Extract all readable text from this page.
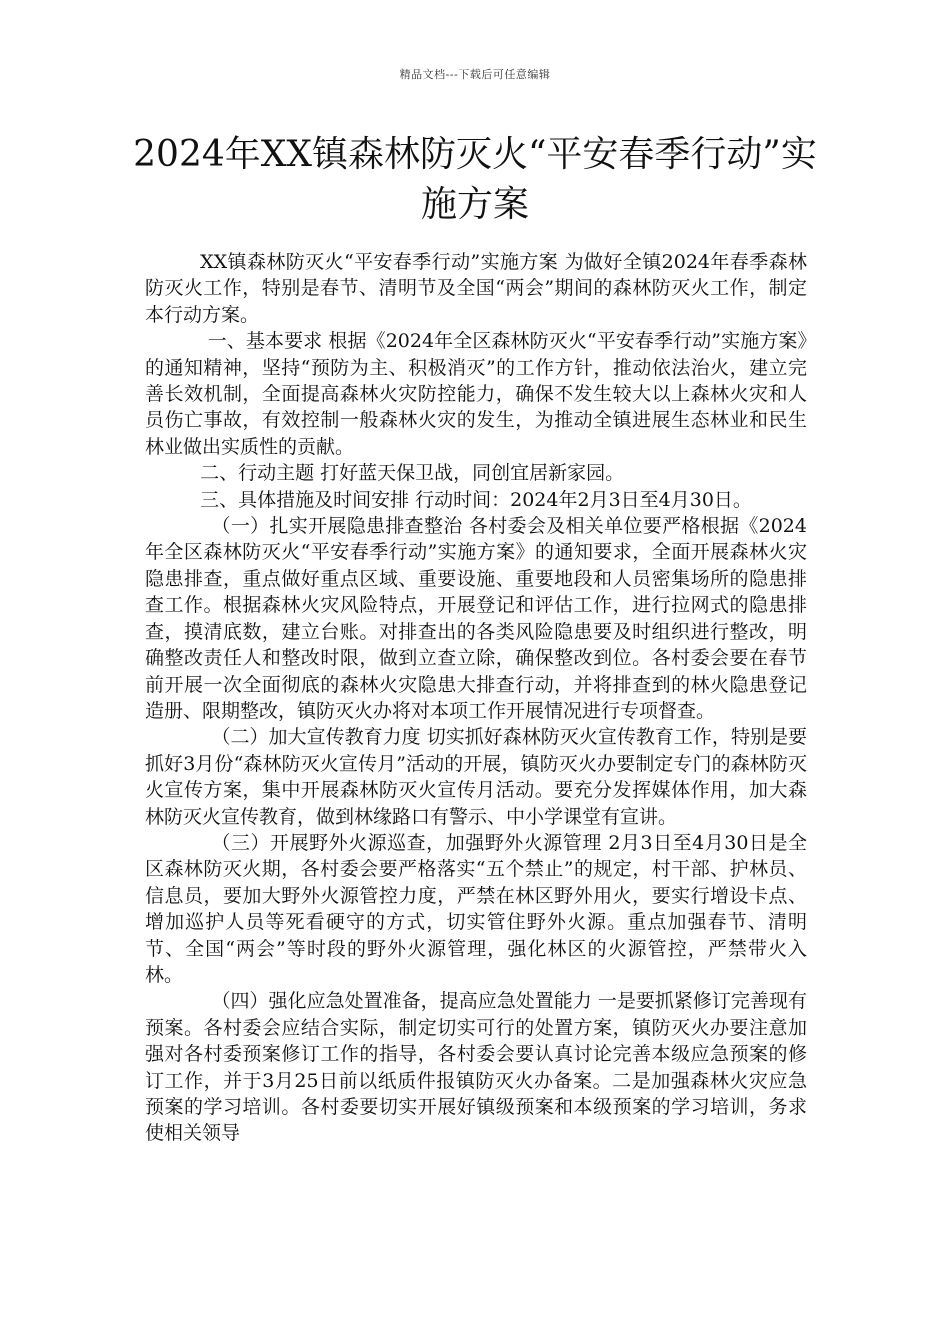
精品文档---下载后可任意编辑
2024年XX镇森林防灭火“平安春季行动”实施方案

XX镇森林防灭火“平安春季行动”实施方案 为做好全镇2024年春季森林防灭火工作，特别是春节、清明节及全国“两会”期间的森林防灭火工作，制定本行动方案。

一、基本要求 根据《2024年全区森林防灭火“平安春季行动”实施方案》的通知精神，坚持“预防为主、积极消灭”的工作方针，推动依法治火，建立完善长效机制，全面提高森林火灾防控能力，确保不发生较大以上森林火灾和人员伤亡事故，有效控制一般森林火灾的发生，为推动全镇进展生态林业和民生林业做出实质性的贡献。

二、行动主题 打好蓝天保卫战，同创宜居新家园。

三、具体措施及时间安排 行动时间：2024年2月3日至4月30日。

（一）扎实开展隐患排查整治 各村委会及相关单位要严格根据《2024年全区森林防灭火“平安春季行动”实施方案》的通知要求，全面开展森林火灾隐患排查，重点做好重点区域、重要设施、重要地段和人员密集场所的隐患排查工作。根据森林火灾风险特点，开展登记和评估工作，进行拉网式的隐患排查，摸清底数，建立台账。对排查出的各类风险隐患要及时组织进行整改，明确整改责任人和整改时限，做到立查立除，确保整改到位。各村委会要在春节前开展一次全面彻底的森林火灾隐患大排查行动，并将排查到的林火隐患登记造册、限期整改，镇防灭火办将对本项工作开展情况进行专项督查。

（二）加大宣传教育力度 切实抓好森林防灭火宣传教育工作，特别是要抓好3月份“森林防灭火宣传月”活动的开展，镇防灭火办要制定专门的森林防灭火宣传方案，集中开展森林防灭火宣传月活动。要充分发挥媒体作用，加大森林防灭火宣传教育，做到林缘路口有警示、中小学课堂有宣讲。

（三）开展野外火源巡查，加强野外火源管理 2月3日至4月30日是全区森林防灭火期，各村委会要严格落实“五个禁止”的规定，村干部、护林员、信息员，要加大野外火源管控力度，严禁在林区野外用火，要实行增设卡点、增加巡护人员等死看硬守的方式，切实管住野外火源。重点加强春节、清明节、全国“两会”等时段的野外火源管理，强化林区的火源管控，严禁带火入林。

（四）强化应急处置准备，提高应急处置能力 一是要抓紧修订完善现有预案。各村委会应结合实际，制定切实可行的处置方案，镇防灭火办要注意加强对各村委预案修订工作的指导，各村委会要认真讨论完善本级应急预案的修订工作，并于3月25日前以纸质件报镇防灭火办备案。二是加强森林火灾应急预案的学习培训。各村委要切实开展好镇级预案和本级预案的学习培训，务求使相关领导
